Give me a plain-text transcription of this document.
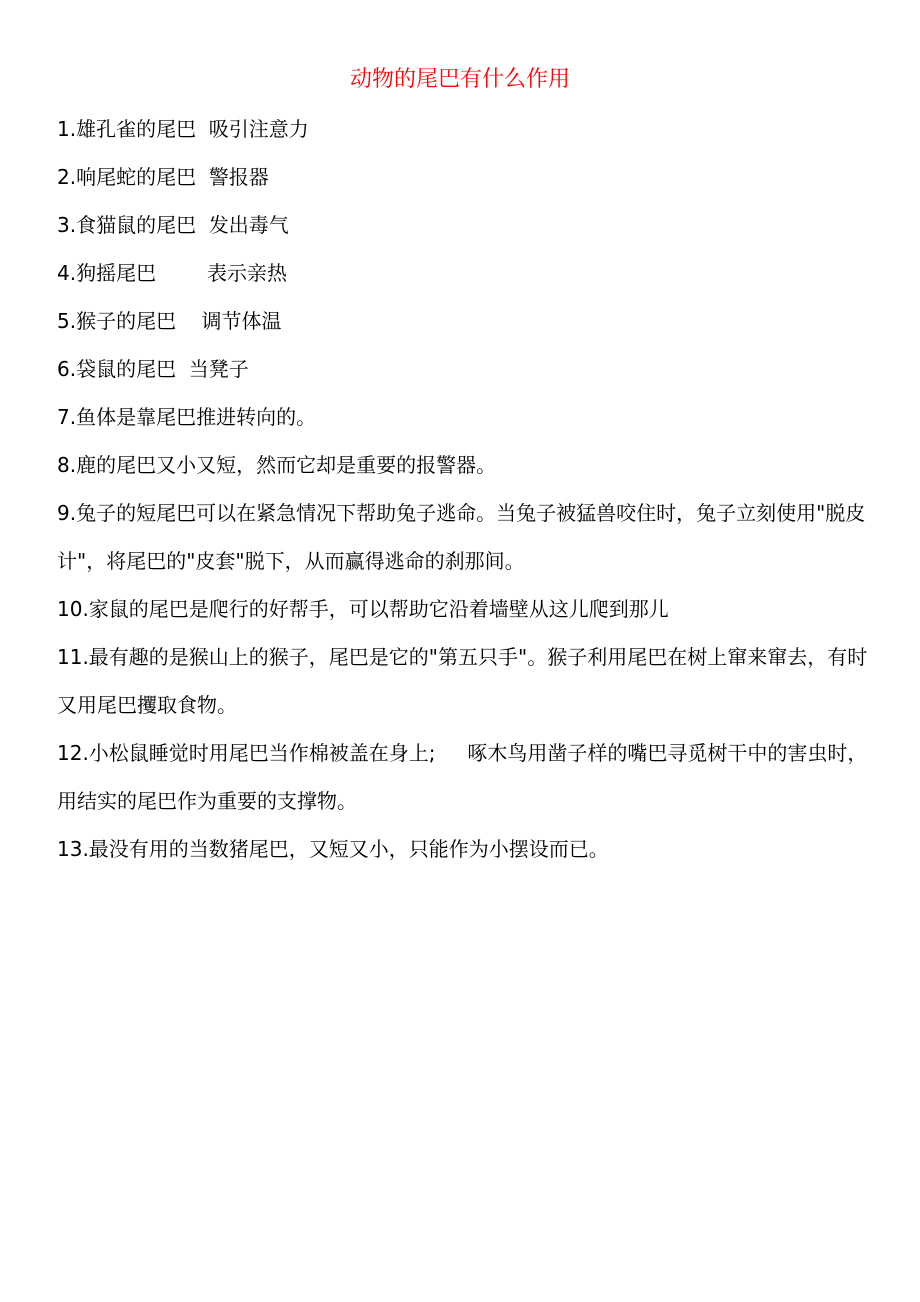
动物的尾巴有什么作用
1.雄孔雀的尾巴  吸引注意力
2.响尾蛇的尾巴  警报器
3.食猫鼠的尾巴  发出毒气
4.狗摇尾巴        表示亲热
5.猴子的尾巴    调节体温
6.袋鼠的尾巴  当凳子
7.鱼体是靠尾巴推进转向的。
8.鹿的尾巴又小又短，然而它却是重要的报警器。
9.兔子的短尾巴可以在紧急情况下帮助兔子逃命。当兔子被猛兽咬住时，兔子立刻使用"脱皮计"，将尾巴的"皮套"脱下，从而赢得逃命的刹那间。
10.家鼠的尾巴是爬行的好帮手，可以帮助它沿着墙壁从这儿爬到那儿
11.最有趣的是猴山上的猴子，尾巴是它的"第五只手"。猴子利用尾巴在树上窜来窜去，有时又用尾巴攫取食物。
12.小松鼠睡觉时用尾巴当作棉被盖在身上;     啄木鸟用凿子样的嘴巴寻觅树干中的害虫时，用结实的尾巴作为重要的支撑物。
13.最没有用的当数猪尾巴，又短又小，只能作为小摆设而已。
